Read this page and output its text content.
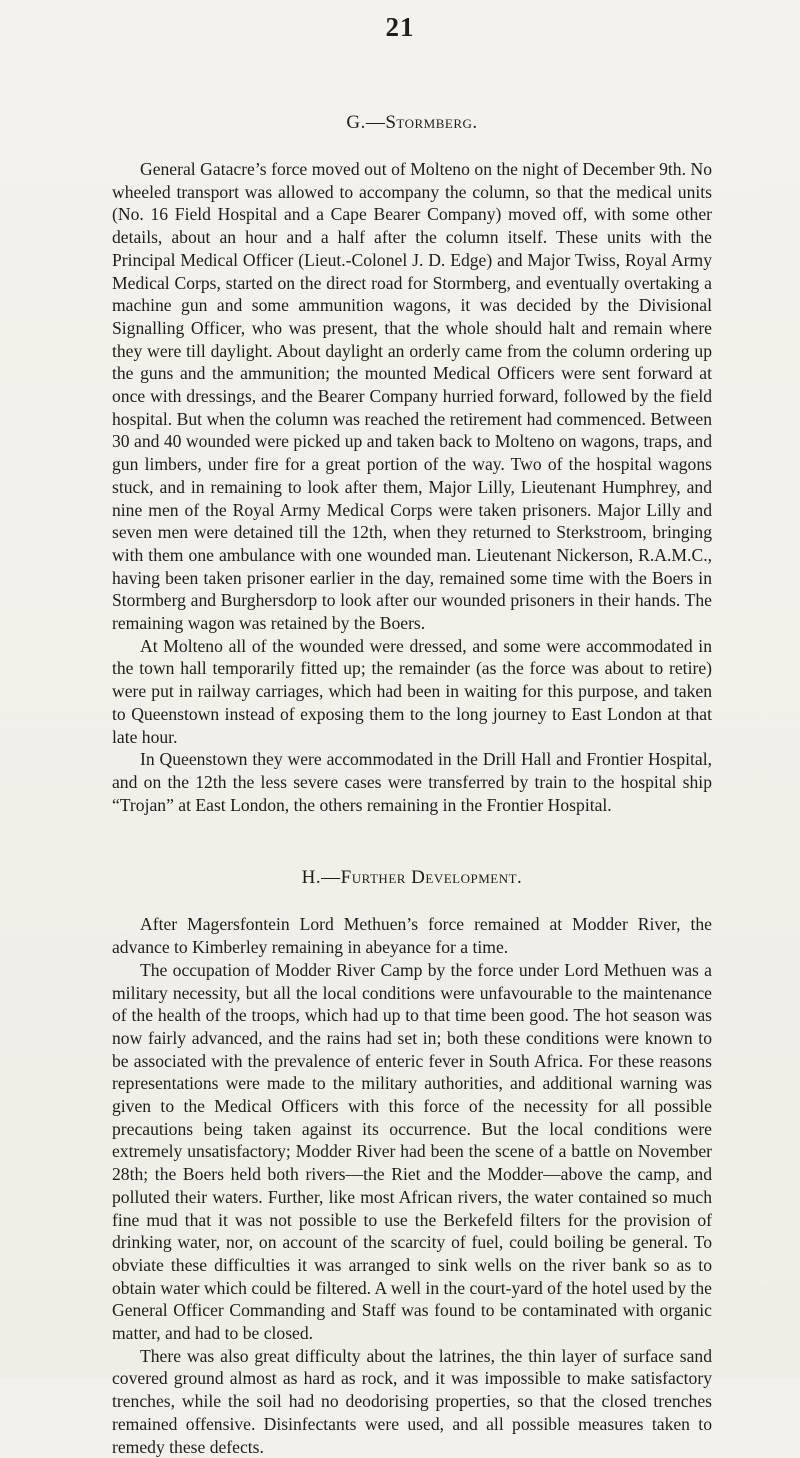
21
G.—Stormberg.

General Gatacre’s force moved out of Molteno on the night of December 9th. No wheeled transport was allowed to accompany the column, so that the medical units (No. 16 Field Hospital and a Cape Bearer Company) moved off, with some other details, about an hour and a half after the column itself. These units with the Principal Medical Officer (Lieut.-Colonel J. D. Edge) and Major Twiss, Royal Army Medical Corps, started on the direct road for Stormberg, and eventually overtaking a machine gun and some ammunition wagons, it was decided by the Divisional Signalling Officer, who was present, that the whole should halt and remain where they were till daylight. About daylight an orderly came from the column ordering up the guns and the ammunition; the mounted Medical Officers were sent forward at once with dressings, and the Bearer Company hurried forward, followed by the field hospital. But when the column was reached the retirement had commenced. Between 30 and 40 wounded were picked up and taken back to Molteno on wagons, traps, and gun limbers, under fire for a great portion of the way. Two of the hospital wagons stuck, and in remaining to look after them, Major Lilly, Lieutenant Humphrey, and nine men of the Royal Army Medical Corps were taken prisoners. Major Lilly and seven men were detained till the 12th, when they returned to Sterkstroom, bringing with them one ambulance with one wounded man. Lieutenant Nickerson, R.A.M.C., having been taken prisoner earlier in the day, remained some time with the Boers in Stormberg and Burghersdorp to look after our wounded prisoners in their hands. The remaining wagon was retained by the Boers.

At Molteno all of the wounded were dressed, and some were accommodated in the town hall temporarily fitted up; the remainder (as the force was about to retire) were put in railway carriages, which had been in waiting for this purpose, and taken to Queenstown instead of exposing them to the long journey to East London at that late hour.

In Queenstown they were accommodated in the Drill Hall and Frontier Hospital, and on the 12th the less severe cases were transferred by train to the hospital ship “Trojan” at East London, the others remaining in the Frontier Hospital.

H.—Further Development.

After Magersfontein Lord Methuen’s force remained at Modder River, the advance to Kimberley remaining in abeyance for a time.

The occupation of Modder River Camp by the force under Lord Methuen was a military necessity, but all the local conditions were unfavourable to the maintenance of the health of the troops, which had up to that time been good. The hot season was now fairly advanced, and the rains had set in; both these conditions were known to be associated with the prevalence of enteric fever in South Africa. For these reasons representations were made to the military authorities, and additional warning was given to the Medical Officers with this force of the necessity for all possible precautions being taken against its occurrence. But the local conditions were extremely unsatisfactory; Modder River had been the scene of a battle on November 28th; the Boers held both rivers—the Riet and the Modder—above the camp, and polluted their waters. Further, like most African rivers, the water contained so much fine mud that it was not possible to use the Berkefeld filters for the provision of drinking water, nor, on account of the scarcity of fuel, could boiling be general. To obviate these difficulties it was arranged to sink wells on the river bank so as to obtain water which could be filtered. A well in the court-yard of the hotel used by the General Officer Commanding and Staff was found to be contaminated with organic matter, and had to be closed.

There was also great difficulty about the latrines, the thin layer of surface sand covered ground almost as hard as rock, and it was impossible to make satisfactory trenches, while the soil had no deodorising properties, so that the closed trenches remained offensive. Disinfectants were used, and all possible measures taken to remedy these defects.
